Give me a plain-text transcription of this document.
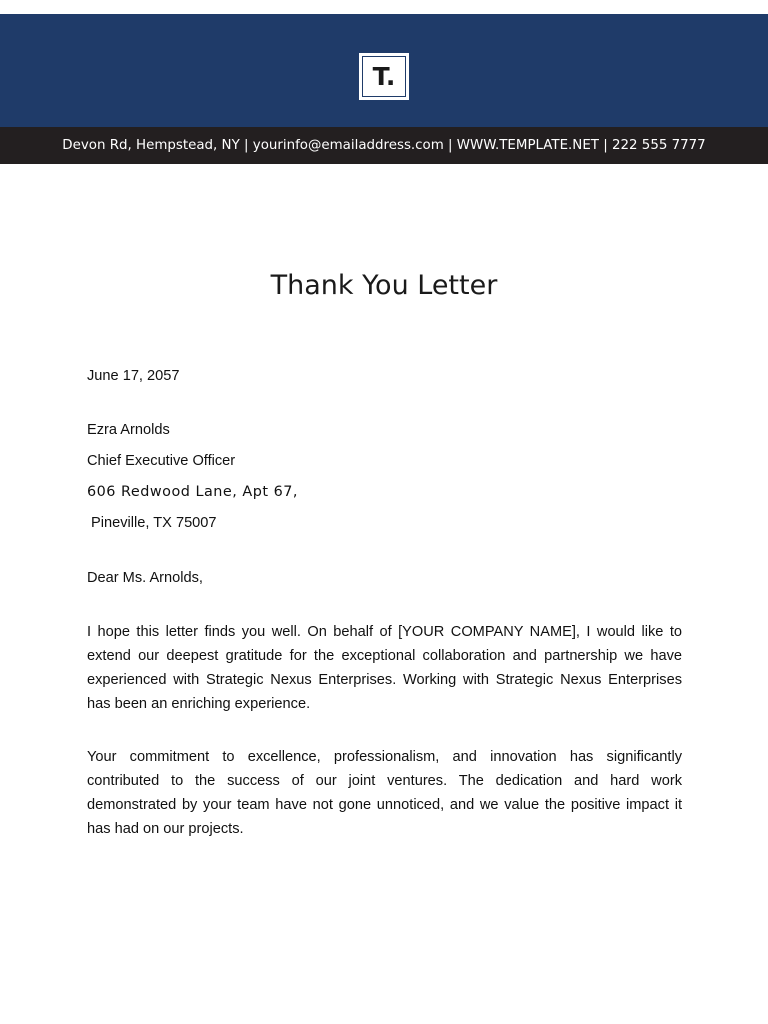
T.
Devon Rd, Hempstead, NY | yourinfo@emailaddress.com | WWW.TEMPLATE.NET | 222 555 7777
Thank You Letter
June 17, 2057
Ezra Arnolds
Chief Executive Officer
606 Redwood Lane, Apt 67,
Pineville, TX 75007
Dear Ms. Arnolds,

I hope this letter finds you well. On behalf of [YOUR COMPANY NAME], I would like to extend our deepest gratitude for the exceptional collaboration and partnership we have experienced with Strategic Nexus Enterprises. Working with Strategic Nexus Enterprises has been an enriching experience.

Your commitment to excellence, professionalism, and innovation has significantly contributed to the success of our joint ventures. The dedication and hard work demonstrated by your team have not gone unnoticed, and we value the positive impact it has had on our projects.
